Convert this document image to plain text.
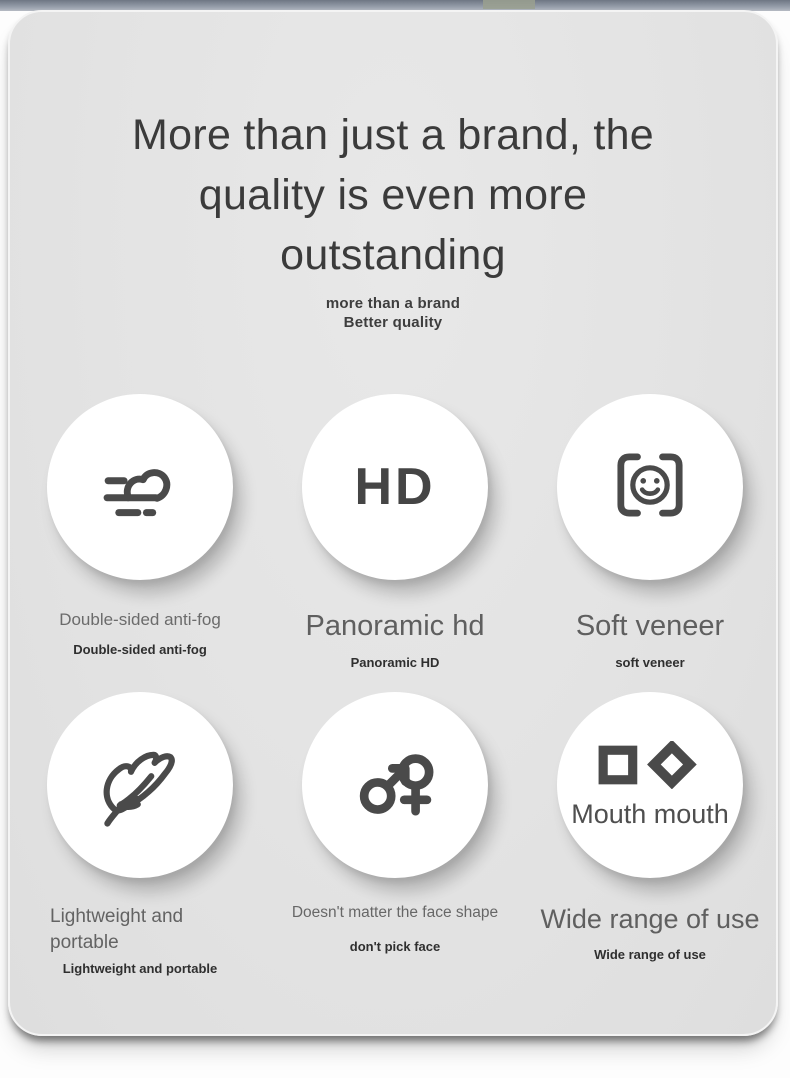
More than just a brand, the
quality is even more
outstanding
more than a brand
Better quality
Double-sided anti-fog
Double-sided anti-fog
HD
Panoramic hd
Panoramic HD
Soft veneer
soft veneer
Lightweight and portable
Lightweight and portable
Doesn't matter the face shape
don't pick face
Mouth mouth
Wide range of use
Wide range of use
